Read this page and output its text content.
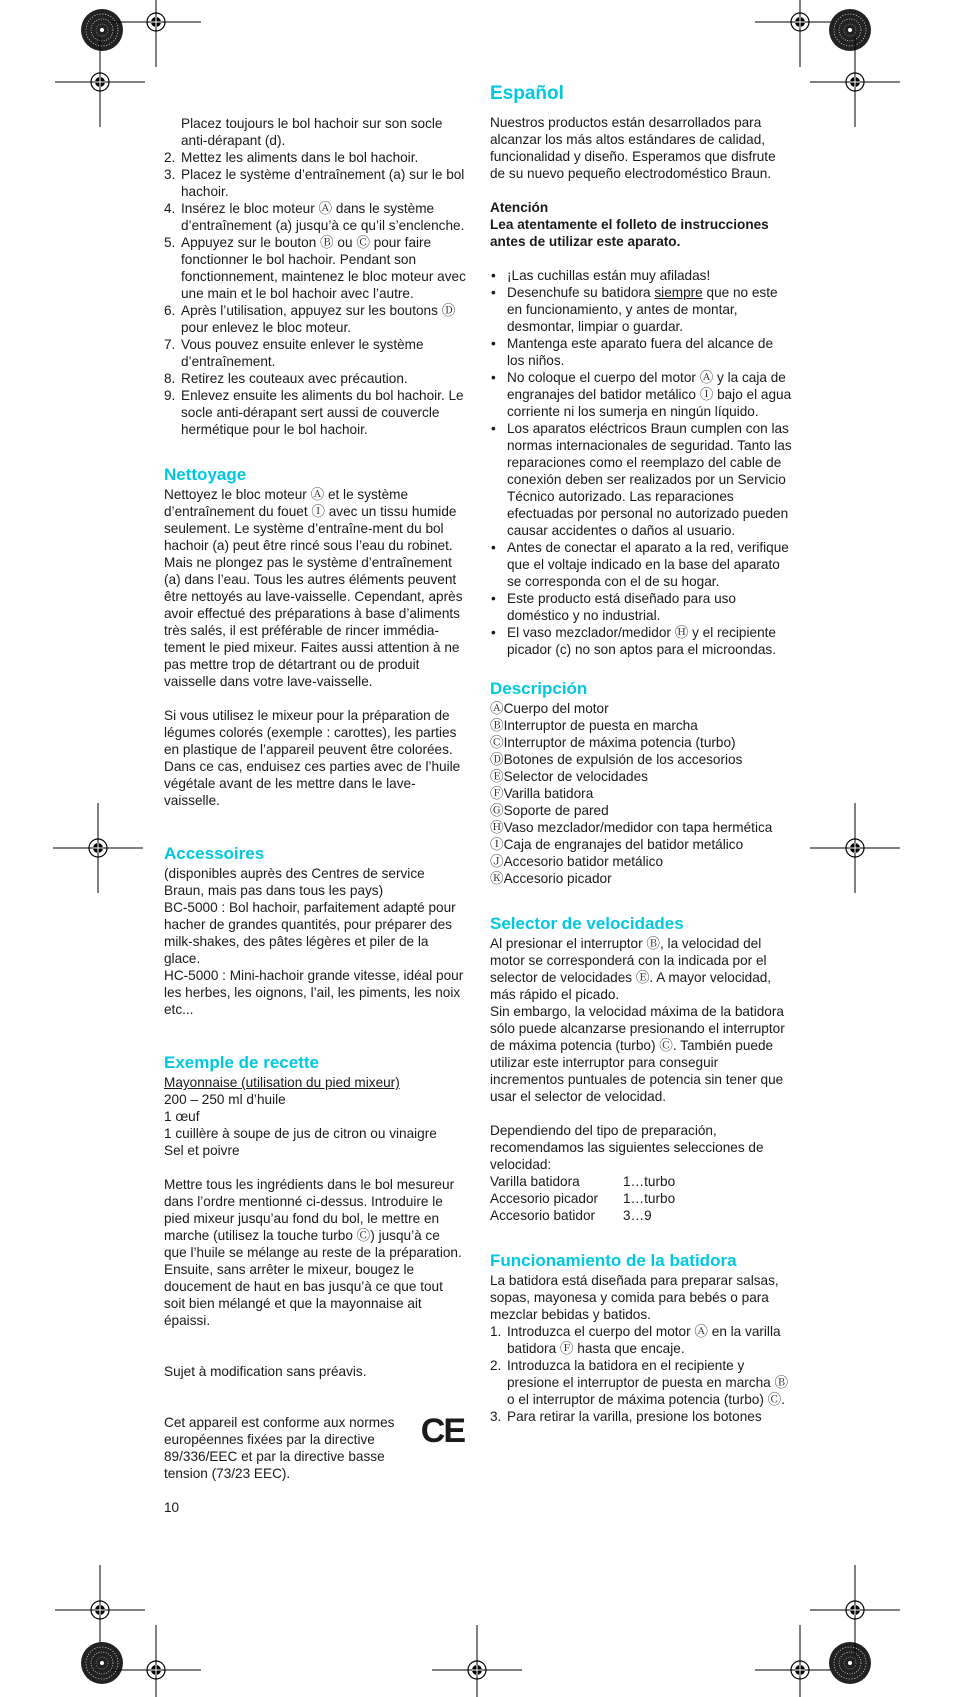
Placez toujours le bol hachoir sur son socle anti-dérapant (d).

2. Mettez les aliments dans le bol hachoir.
3. Placez le système d’entraînement (a) sur le bol hachoir.
4. Insérez le bloc moteur Ⓐ dans le système d’entraînement (a) jusqu’à ce qu’il s’enclenche.
5. Appuyez sur le bouton Ⓑ ou Ⓒ pour faire fonctionner le bol hachoir. Pendant son fonctionnement, maintenez le bloc moteur avec une main et le bol hachoir avec l’autre.
6. Après l’utilisation, appuyez sur les boutons Ⓓ pour enlevez le bloc moteur.
7. Vous pouvez ensuite enlever le système d’entraînement.
8. Retirez les couteaux avec précaution.
9. Enlevez ensuite les aliments du bol hachoir. Le socle anti-dérapant sert aussi de couvercle hermétique pour le bol hachoir.
Nettoyage

Nettoyez le bloc moteur Ⓐ et le système d’entraînement du fouet Ⓘ avec un tissu humide seulement. Le système d’entraîne-ment du bol hachoir (a) peut être rincé sous l’eau du robinet.

Mais ne plongez pas le système d’entraînement (a) dans l’eau. Tous les autres éléments peuvent être nettoyés au lave-vaisselle. Cependant, après avoir effectué des préparations à base d’aliments très salés, il est préférable de rincer immédia-tement le pied mixeur. Faites aussi attention à ne pas mettre trop de détartrant ou de produit vaisselle dans votre lave-vaisselle.

Si vous utilisez le mixeur pour la préparation de légumes colorés (exemple : carottes), les parties en plastique de l’appareil peuvent être colorées. Dans ce cas, enduisez ces parties avec de l’huile végétale avant de les mettre dans le lave-vaisselle.

Accessoires

(disponibles auprès des Centres de service Braun, mais pas dans tous les pays)

BC-5000 : Bol hachoir, parfaitement adapté pour hacher de grandes quantités, pour préparer des milk-shakes, des pâtes légères et piler de la glace.

HC-5000 : Mini-hachoir grande vitesse, idéal pour les herbes, les oignons, l’ail, les piments, les noix etc...

Exemple de recette

Mayonnaise (utilisation du pied mixeur)

200 – 250 ml d’huile

1 œuf

1 cuillère à soupe de jus de citron ou vinaigre

Sel et poivre

Mettre tous les ingrédients dans le bol mesureur dans l’ordre mentionné ci-dessus. Introduire le pied mixeur jusqu’au fond du bol, le mettre en marche (utilisez la touche turbo Ⓒ) jusqu’à ce que l’huile se mélange au reste de la préparation.

Ensuite, sans arrêter le mixeur, bougez le doucement de haut en bas jusqu’à ce que tout soit bien mélangé et que la mayonnaise ait épaissi.

Sujet à modification sans préavis.

Cet appareil est conforme aux normes européennes fixées par la directive 89/336/EEC et par la directive basse tension (73/23 EEC).

CE

10

Español

Nuestros productos están desarrollados para alcanzar los más altos estándares de calidad, funcionalidad y diseño. Esperamos que disfrute de su nuevo pequeño electrodoméstico Braun.

Atención

Lea atentamente el folleto de instrucciones antes de utilizar este aparato.

• ¡Las cuchillas están muy afiladas!
• Desenchufe su batidora siempre que no este en funcionamiento, y antes de montar, desmontar, limpiar o guardar.
• Mantenga este aparato fuera del alcance de los niños.
• No coloque el cuerpo del motor Ⓐ y la caja de engranajes del batidor metálico Ⓘ bajo el agua corriente ni los sumerja en ningún líquido.
• Los aparatos eléctricos Braun cumplen con las normas internacionales de seguridad. Tanto las reparaciones como el reemplazo del cable de conexión deben ser realizados por un Servicio Técnico autorizado. Las reparaciones efectuadas por personal no autorizado pueden causar accidentes o daños al usuario.
• Antes de conectar el aparato a la red, verifique que el voltaje indicado en la base del aparato se corresponda con el de su hogar.
• Este producto está diseñado para uso doméstico y no industrial.
• El vaso mezclador/medidor Ⓗ y el recipiente picador (c) no son aptos para el microondas.
Descripción

ⒶCuerpo del motor

ⒷInterruptor de puesta en marcha

ⒸInterruptor de máxima potencia (turbo)

ⒹBotones de expulsión de los accesorios

ⒺSelector de velocidades

ⒻVarilla batidora

ⒼSoporte de pared

ⒽVaso mezclador/medidor con tapa hermética

ⒾCaja de engranajes del batidor metálico

ⒿAccesorio batidor metálico

ⓀAccesorio picador

Selector de velocidades

Al presionar el interruptor Ⓑ, la velocidad del motor se corresponderá con la indicada por el selector de velocidades Ⓔ. A mayor velocidad, más rápido el picado.

Sin embargo, la velocidad máxima de la batidora sólo puede alcanzarse presionando el interruptor de máxima potencia (turbo) Ⓒ. También puede utilizar este interruptor para conseguir incrementos puntuales de potencia sin tener que usar el selector de velocidad.

Dependiendo del tipo de preparación, recomendamos las siguientes selecciones de velocidad:

Varilla batidora	1…turbo
Accesorio picador	1…turbo
Accesorio batidor	3…9
Funcionamiento de la batidora

La batidora está diseñada para preparar salsas, sopas, mayonesa y comida para bebés o para mezclar bebidas y batidos.

1. Introduzca el cuerpo del motor Ⓐ en la varilla batidora Ⓕ hasta que encaje.
2. Introduzca la batidora en el recipiente y presione el interruptor de puesta en marcha Ⓑ o el interruptor de máxima potencia (turbo) Ⓒ.
3. Para retirar la varilla, presione los botones
